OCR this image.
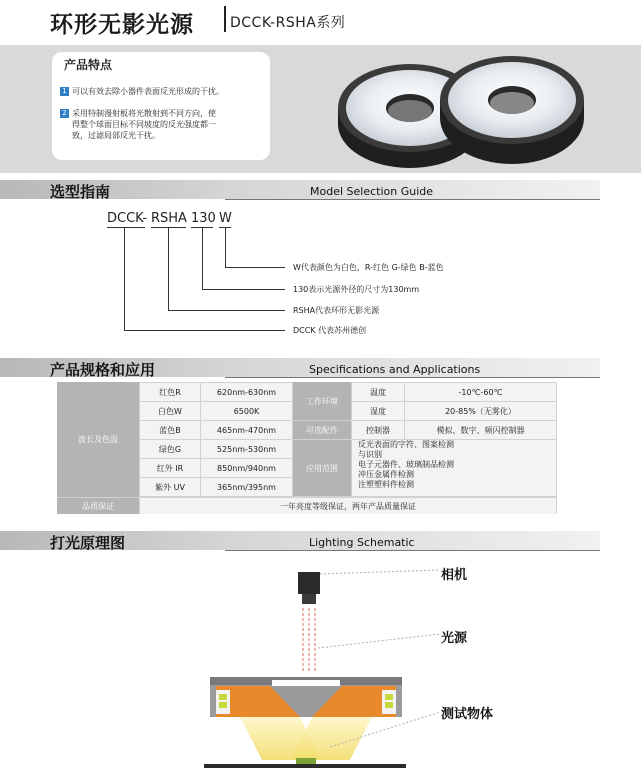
环形无影光源	DCCK-RSHA系列
产品特点
1 可以有效去除小器件表面反光形成的干扰。
2 采用特制漫射板将光散射到不同方向，使
得整个球面目标不同坡度的反光强度都一
致，过滤局部反光干扰。
选型指南	Model Selection Guide
DCCK- RSHA 130 W
W代表颜色为白色，R-红色 G-绿色 B-蓝色
130表示光源外径的尺寸为130mm
RSHA代表环形无影光源
DCCK 代表苏州德创
产品规格和应用	Specifications and Applications
波长及色温
红色R	620nm-630nm
白色W	6500K
蓝色B	465nm-470nm
绿色G	525nm-530nm
红外 IR	850nm/940nm
紫外 UV	365nm/395nm
工作环境
温度	-10℃-60℃
湿度	20-85%（无雾化）
可选配件	控制器	模拟、数字、频闪控制器
应用范围
反光表面的字符、图案检测
与识别
电子元器件、玻璃制品检测
冲压金属件检测
注塑塑料件检测
品质保证	一年亮度等级保证，两年产品质量保证
打光原理图	Lighting Schematic
相机
光源
测试物体
